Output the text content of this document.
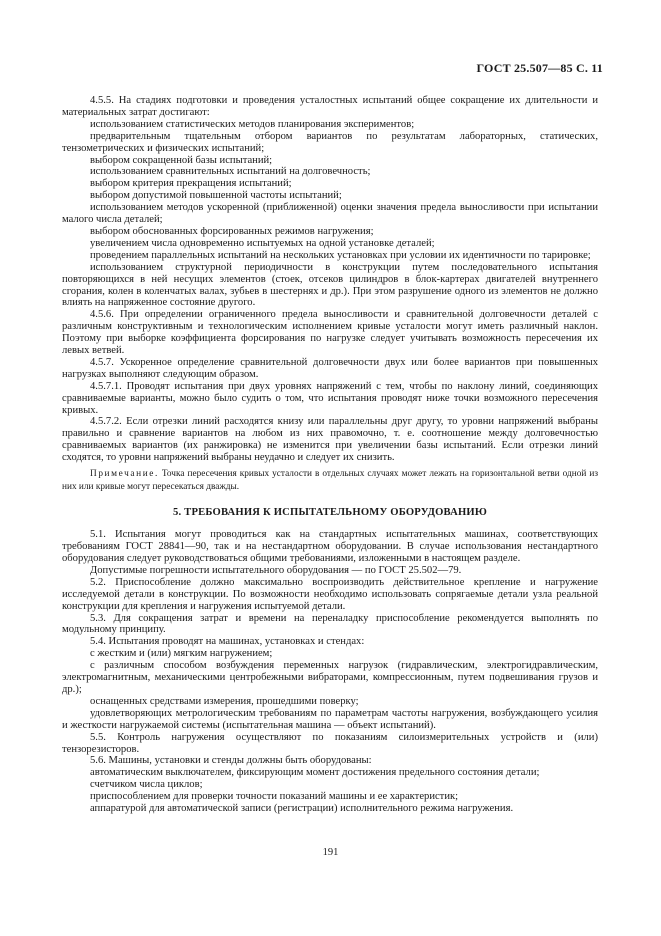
ГОСТ 25.507—85 С. 11

4.5.5. На стадиях подготовки и проведения усталостных испытаний общее сокращение их длительности и материальных затрат достигают:

использованием статистических методов планирования экспериментов;

предварительным тщательным отбором вариантов по результатам лабораторных, статических, тензометрических и физических испытаний;

выбором сокращенной базы испытаний;

использованием сравнительных испытаний на долговечность;

выбором критерия прекращения испытаний;

выбором допустимой повышенной частоты испытаний;

использованием методов ускоренной (приближенной) оценки значения предела выносливости при испытании малого числа деталей;

выбором обоснованных форсированных режимов нагружения;

увеличением числа одновременно испытуемых на одной установке деталей;

проведением параллельных испытаний на нескольких установках при условии их идентичности по тарировке;

использованием структурной периодичности в конструкции путем последовательного испытания повторяющихся в ней несущих элементов (стоек, отсеков цилиндров в блок-картерах двигателей внутреннего сгорания, колен в коленчатых валах, зубьев в шестернях и др.). При этом разрушение одного из элементов не должно влиять на напряженное состояние другого.

4.5.6. При определении ограниченного предела выносливости и сравнительной долговечности деталей с различным конструктивным и технологическим исполнением кривые усталости могут иметь различный наклон. Поэтому при выборке коэффициента форсирования по нагрузке следует учитывать возможность пересечения их левых ветвей.

4.5.7. Ускоренное определение сравнительной долговечности двух или более вариантов при повышенных нагрузках выполняют следующим образом.

4.5.7.1. Проводят испытания при двух уровнях напряжений с тем, чтобы по наклону линий, соединяющих сравниваемые варианты, можно было судить о том, что испытания проводят ниже точки возможного пересечения кривых.

4.5.7.2. Если отрезки линий расходятся книзу или параллельны друг другу, то уровни напряжений выбраны правильно и сравнение вариантов на любом из них правомочно, т. е. соотношение между долговечностью сравниваемых вариантов (их ранжировка) не изменится при увеличении базы испытаний. Если отрезки линий сходятся, то уровни напряжений выбраны неудачно и следует их снизить.

Примечание. Точка пересечения кривых усталости в отдельных случаях может лежать на горизонтальной ветви одной из них или кривые могут пересекаться дважды.

5. ТРЕБОВАНИЯ К ИСПЫТАТЕЛЬНОМУ ОБОРУДОВАНИЮ

5.1. Испытания могут проводиться как на стандартных испытательных машинах, соответствующих требованиям ГОСТ 28841—90, так и на нестандартном оборудовании. В случае использования нестандартного оборудования следует руководствоваться общими требованиями, изложенными в настоящем разделе.

Допустимые погрешности испытательного оборудования — по ГОСТ 25.502—79.

5.2. Приспособление должно максимально воспроизводить действительное крепление и нагружение исследуемой детали в конструкции. По возможности необходимо использовать сопрягаемые детали узла реальной конструкции для крепления и нагружения испытуемой детали.

5.3. Для сокращения затрат и времени на переналадку приспособление рекомендуется выполнять по модульному принципу.

5.4. Испытания проводят на машинах, установках и стендах:

с жестким и (или) мягким нагружением;

с различным способом возбуждения переменных нагрузок (гидравлическим, электрогидравлическим, электромагнитным, механическими центробежными вибраторами, компрессионным, путем подвешивания грузов и др.);

оснащенных средствами измерения, прошедшими поверку;

удовлетворяющих метрологическим требованиям по параметрам частоты нагружения, возбуждающего усилия и жесткости нагружаемой системы (испытательная машина — объект испытаний).

5.5. Контроль нагружения осуществляют по показаниям силоизмерительных устройств и (или) тензорезисторов.

5.6. Машины, установки и стенды должны быть оборудованы:

автоматическим выключателем, фиксирующим момент достижения предельного состояния детали;

счетчиком числа циклов;

приспособлением для проверки точности показаний машины и ее характеристик;

аппаратурой для автоматической записи (регистрации) исполнительного режима нагружения.

191
